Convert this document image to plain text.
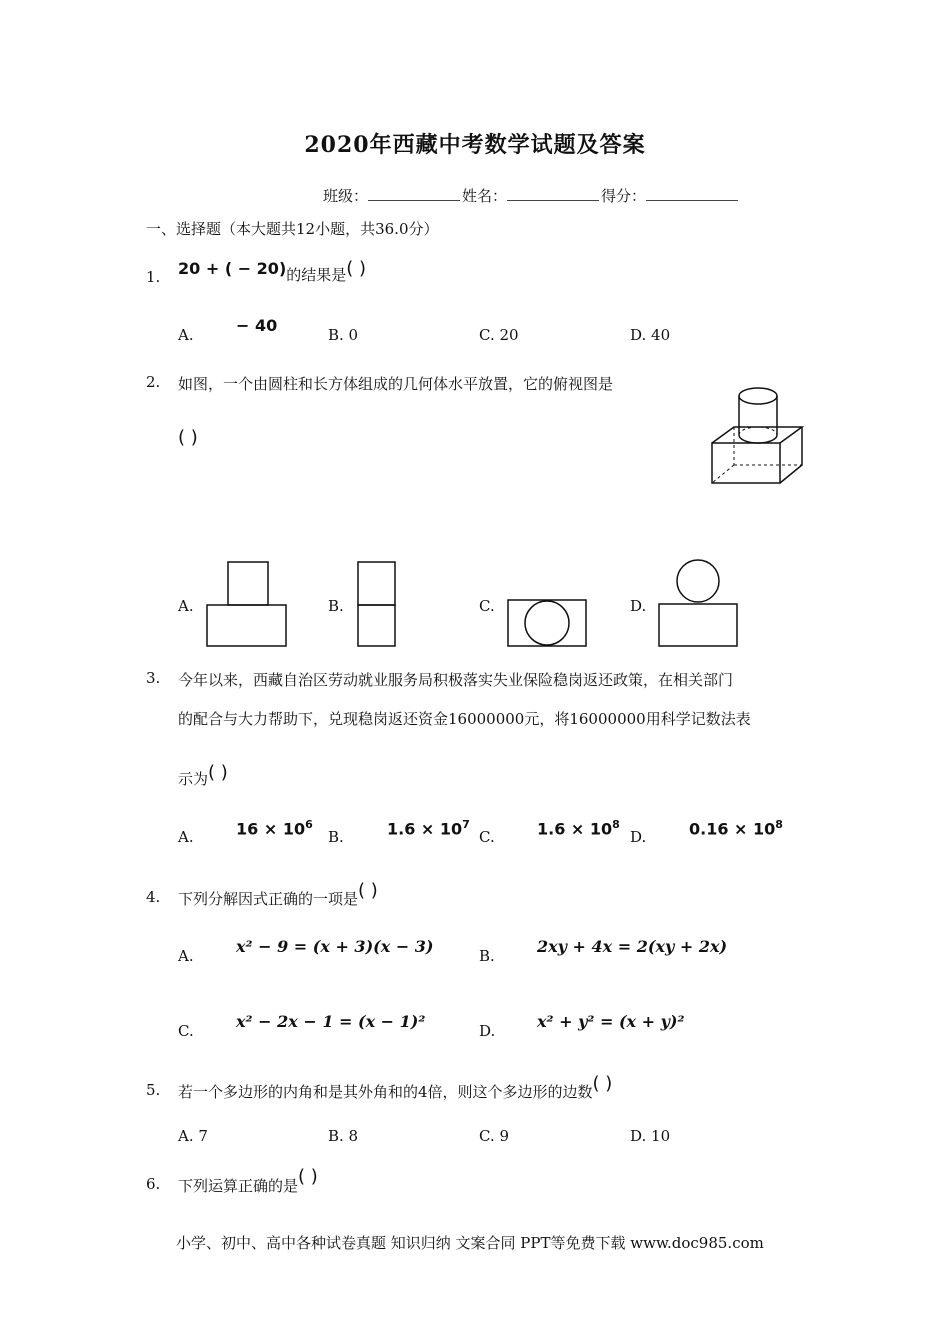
2020年西藏中考数学试题及答案
班级：	姓名：	得分：
一、选择题（本大题共12小题，共36.0分）
1. 20 + ( − 20)的结果是( )
A.	− 40	B. 0	C. 20	D. 40
2. 如图，一个由圆柱和长方体组成的几何体水平放置，它的俯视图是
( )
A.	B.	C.	D.
3. 今年以来，西藏自治区劳动就业服务局积极落实失业保险稳岗返还政策，在相关部门
的配合与大力帮助下，兑现稳岗返还资金16000000元，将16000000用科学记数法表
示为( )
A.	$16 \times 10^6$
B.	$1.6 \times 10^7$
C.	$1.6 \times 10^8$
D.	$0.16 \times 10^8$
4. 下列分解因式正确的一项是( )
A.	x² − 9 = (x + 3)(x − 3)	B.	2xy + 4x = 2(xy + 2x)
C.	x² − 2x − 1 = (x − 1)²	D.	x² + y² = (x + y)²
5. 若一个多边形的内角和是其外角和的4倍，则这个多边形的边数( )
A. 7	B. 8	C. 9	D. 10
6. 下列运算正确的是( )
小学、初中、高中各种试卷真题 知识归纳 文案合同 PPT等免费下载 www.doc985.com
